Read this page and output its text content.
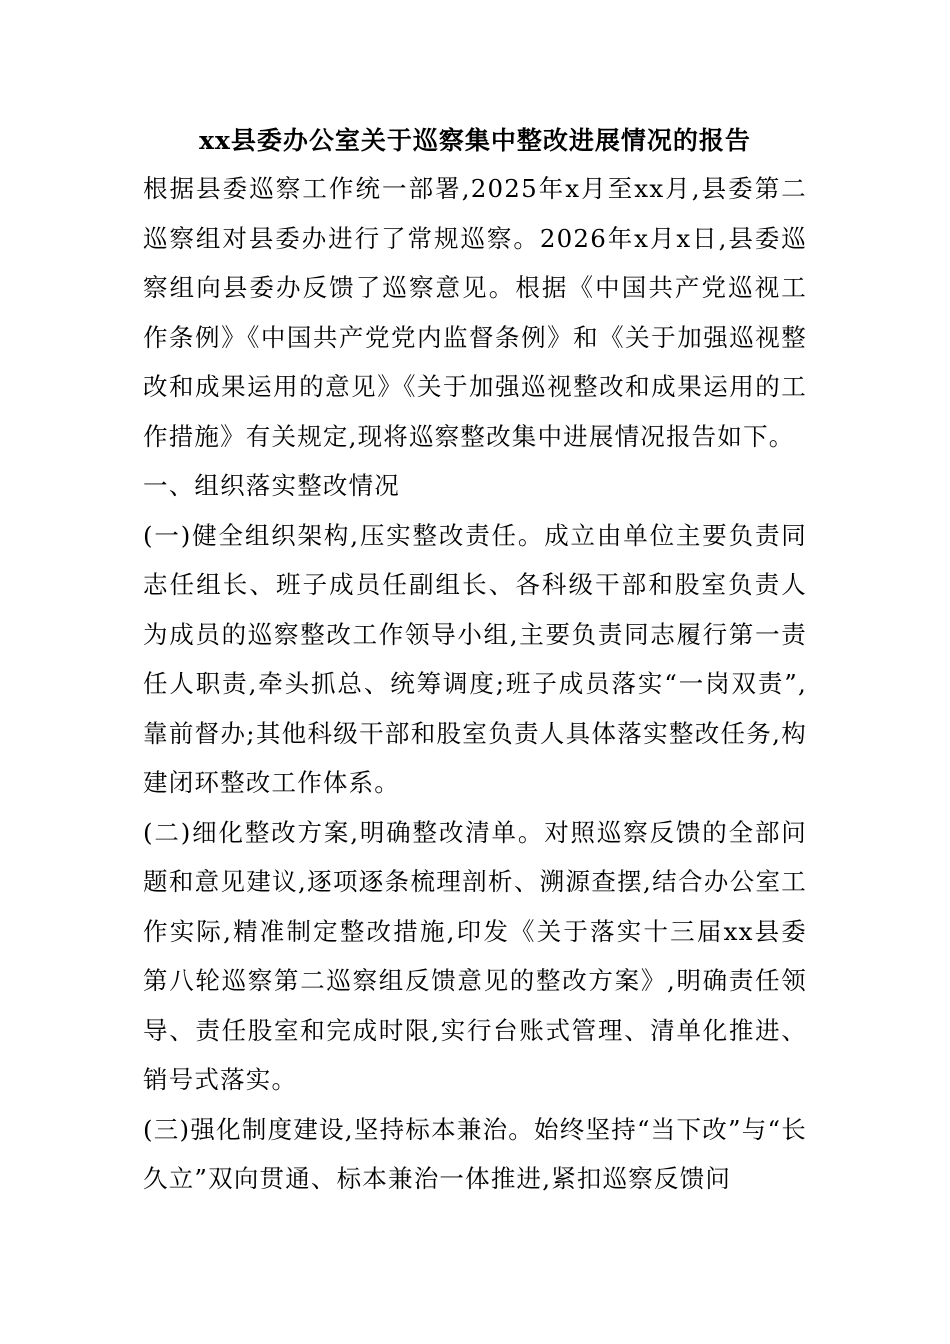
xx县委办公室关于巡察集中整改进展情况的报告

根据县委巡察工作统一部署,2025年x月至xx月,县委第二巡察组对县委办进行了常规巡察。2026年x月x日,县委巡察组向县委办反馈了巡察意见。根据《中国共产党巡视工作条例》《中国共产党党内监督条例》和《关于加强巡视整改和成果运用的意见》《关于加强巡视整改和成果运用的工作措施》有关规定,现将巡察整改集中进展情况报告如下。

一、组织落实整改情况

(一)健全组织架构,压实整改责任。成立由单位主要负责同志任组长、班子成员任副组长、各科级干部和股室负责人为成员的巡察整改工作领导小组,主要负责同志履行第一责任人职责,牵头抓总、统筹调度;班子成员落实“一岗双责”,靠前督办;其他科级干部和股室负责人具体落实整改任务,构建闭环整改工作体系。

(二)细化整改方案,明确整改清单。对照巡察反馈的全部问题和意见建议,逐项逐条梳理剖析、溯源查摆,结合办公室工作实际,精准制定整改措施,印发《关于落实十三届xx县委第八轮巡察第二巡察组反馈意见的整改方案》,明确责任领导、责任股室和完成时限,实行台账式管理、清单化推进、销号式落实。

(三)强化制度建设,坚持标本兼治。始终坚持“当下改”与“长久立”双向贯通、标本兼治一体推进,紧扣巡察反馈问
